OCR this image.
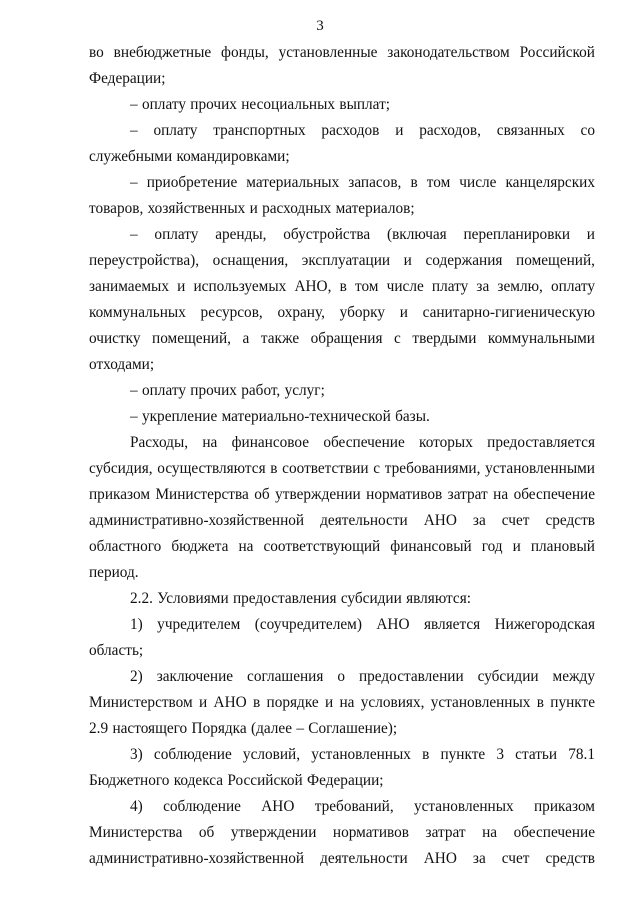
3

во внебюджетные фонды, установленные законодательством Российской Федерации;

– оплату прочих несоциальных выплат;

– оплату транспортных расходов и расходов, связанных со служебными командировками;

– приобретение материальных запасов, в том числе канцелярских товаров, хозяйственных и расходных материалов;

– оплату аренды, обустройства (включая перепланировки и переустройства), оснащения, эксплуатации и содержания помещений, занимаемых и используемых АНО, в том числе плату за землю, оплату коммунальных ресурсов, охрану, уборку и санитарно-гигиеническую очистку помещений, а также обращения с твердыми коммунальными отходами;

– оплату прочих работ, услуг;

– укрепление материально-технической базы.

Расходы, на финансовое обеспечение которых предоставляется субсидия, осуществляются в соответствии с требованиями, установленными приказом Министерства об утверждении нормативов затрат на обеспечение административно-хозяйственной деятельности АНО за счет средств областного бюджета на соответствующий финансовый год и плановый период.

2.2. Условиями предоставления субсидии являются:

1) учредителем (соучредителем) АНО является Нижегородская область;

2) заключение соглашения о предоставлении субсидии между Министерством и АНО в порядке и на условиях, установленных в пункте 2.9 настоящего Порядка (далее – Соглашение);

3) соблюдение условий, установленных в пункте 3 статьи 78.1 Бюджетного кодекса Российской Федерации;

4) соблюдение АНО требований, установленных приказом Министерства об утверждении нормативов затрат на обеспечение административно-хозяйственной деятельности АНО за счет средств
